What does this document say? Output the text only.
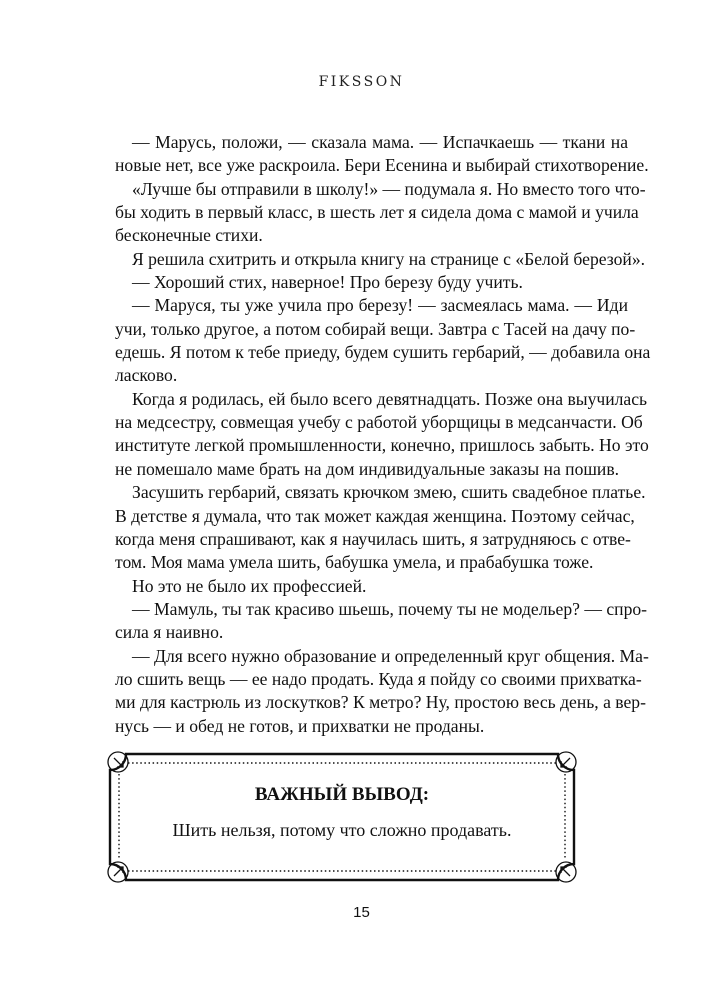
FIKSSON
— Марусь, положи, — сказала мама. — Испачкаешь — ткани на
новые нет, все уже раскроила. Бери Есенина и выбирай стихотворение.
«Лучше бы отправили в школу!» — подумала я. Но вместо того что-
бы ходить в первый класс, в шесть лет я сидела дома с мамой и учила
бесконечные стихи.
Я решила схитрить и открыла книгу на странице с «Белой березой».
— Хороший стих, наверное! Про березу буду учить.
— Маруся, ты уже учила про березу! — засмеялась мама. — Иди
учи, только другое, а потом собирай вещи. Завтра с Тасей на дачу по-
едешь. Я потом к тебе приеду, будем сушить гербарий, — добавила она
ласково.
Когда я родилась, ей было всего девятнадцать. Позже она выучилась
на медсестру, совмещая учебу с работой уборщицы в медсанчасти. Об
институте легкой промышленности, конечно, пришлось забыть. Но это
не помешало маме брать на дом индивидуальные заказы на пошив.
Засушить гербарий, связать крючком змею, сшить свадебное платье.
В детстве я думала, что так может каждая женщина. Поэтому сейчас,
когда меня спрашивают, как я научилась шить, я затрудняюсь с отве-
том. Моя мама умела шить, бабушка умела, и прабабушка тоже.
Но это не было их профессией.
— Мамуль, ты так красиво шьешь, почему ты не модельер? — спро-
сила я наивно.
— Для всего нужно образование и определенный круг общения. Ма-
ло сшить вещь — ее надо продать. Куда я пойду со своими прихватка-
ми для кастрюль из лоскутков? К метро? Ну, простою весь день, а вер-
нусь — и обед не готов, и прихватки не проданы.
ВАЖНЫЙ ВЫВОД:
Шить нельзя, потому что сложно продавать.
15
